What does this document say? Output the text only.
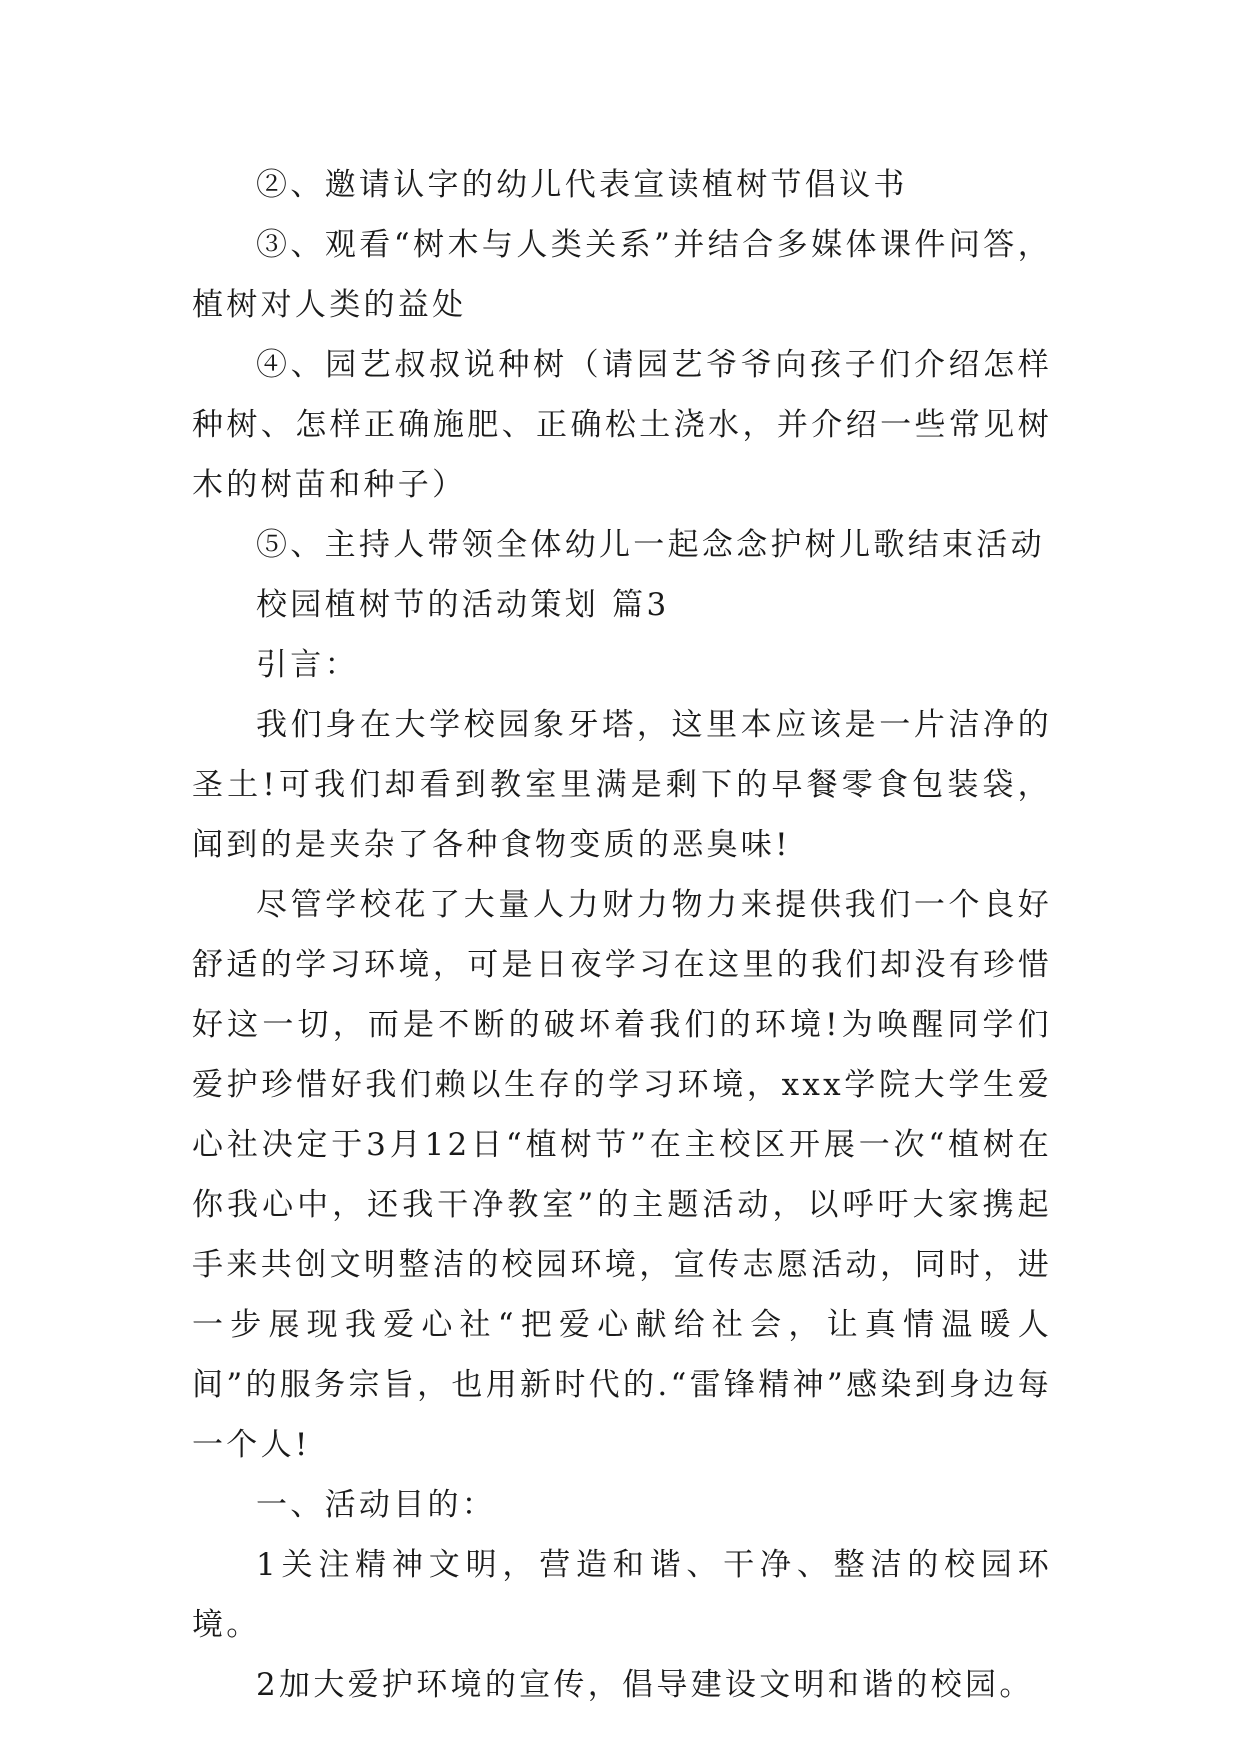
②、邀请认字的幼儿代表宣读植树节倡议书

③、观看“树木与人类关系”并结合多媒体课件问答，植树对人类的益处

④、园艺叔叔说种树（请园艺爷爷向孩子们介绍怎样种树、怎样正确施肥、正确松土浇水，并介绍一些常见树木的树苗和种子）

⑤、主持人带领全体幼儿一起念念护树儿歌结束活动

校园植树节的活动策划 篇3

引言：

我们身在大学校园象牙塔，这里本应该是一片洁净的圣土!可我们却看到教室里满是剩下的早餐零食包装袋，闻到的是夹杂了各种食物变质的恶臭味!

尽管学校花了大量人力财力物力来提供我们一个良好舒适的学习环境，可是日夜学习在这里的我们却没有珍惜好这一切，而是不断的破坏着我们的环境!为唤醒同学们爱护珍惜好我们赖以生存的学习环境，xxx学院大学生爱心社决定于3月12日“植树节”在主校区开展一次“植树在你我心中，还我干净教室”的主题活动，以呼吁大家携起手来共创文明整洁的校园环境，宣传志愿活动，同时，进一步展现我爱心社“把爱心献给社会，让真情温暖人间”的服务宗旨，也用新时代的.“雷锋精神”感染到身边每一个人!

一、活动目的：

1关注精神文明，营造和谐、干净、整洁的校园环境。

2加大爱护环境的宣传，倡导建设文明和谐的校园。
